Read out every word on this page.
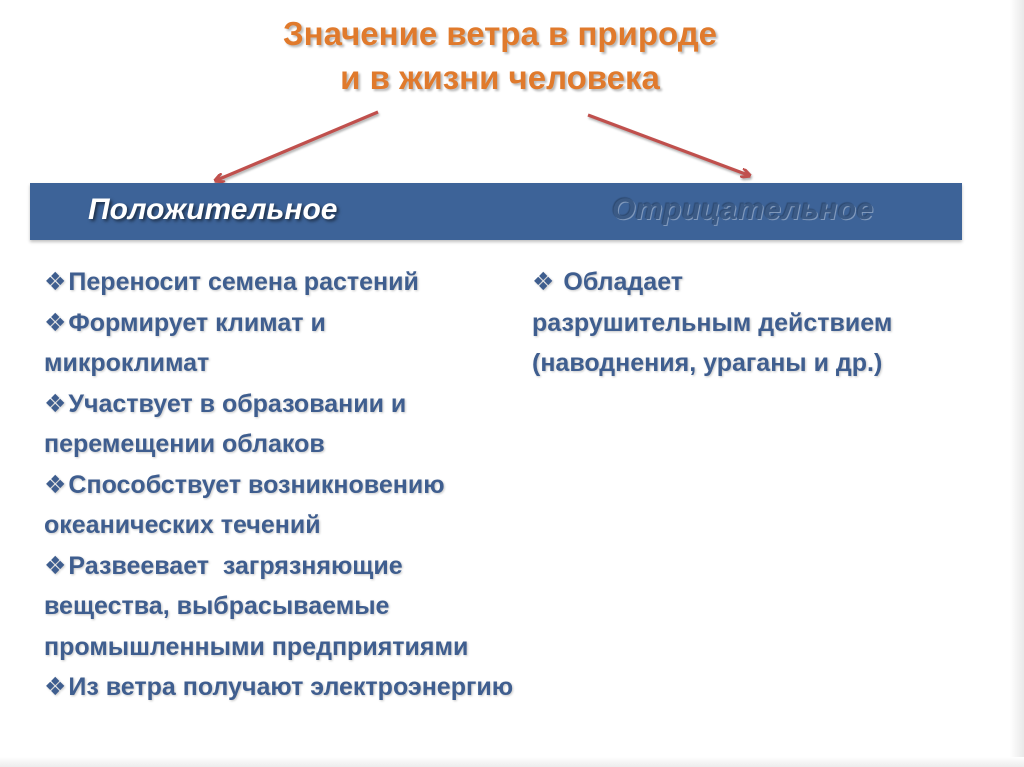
Значение ветра в природе
и в жизни человека
Положительное	Отрицательное
❖Переносит семена растений
❖Формирует климат и
микроклимат
❖Участвует в образовании и
перемещении облаков
❖Способствует возникновению
океанических течений
❖Развеевает  загрязняющие
вещества, выбрасываемые
промышленными предприятиями
❖Из ветра получают электроэнергию
❖ Обладает
разрушительным действием
(наводнения, ураганы и др.)
